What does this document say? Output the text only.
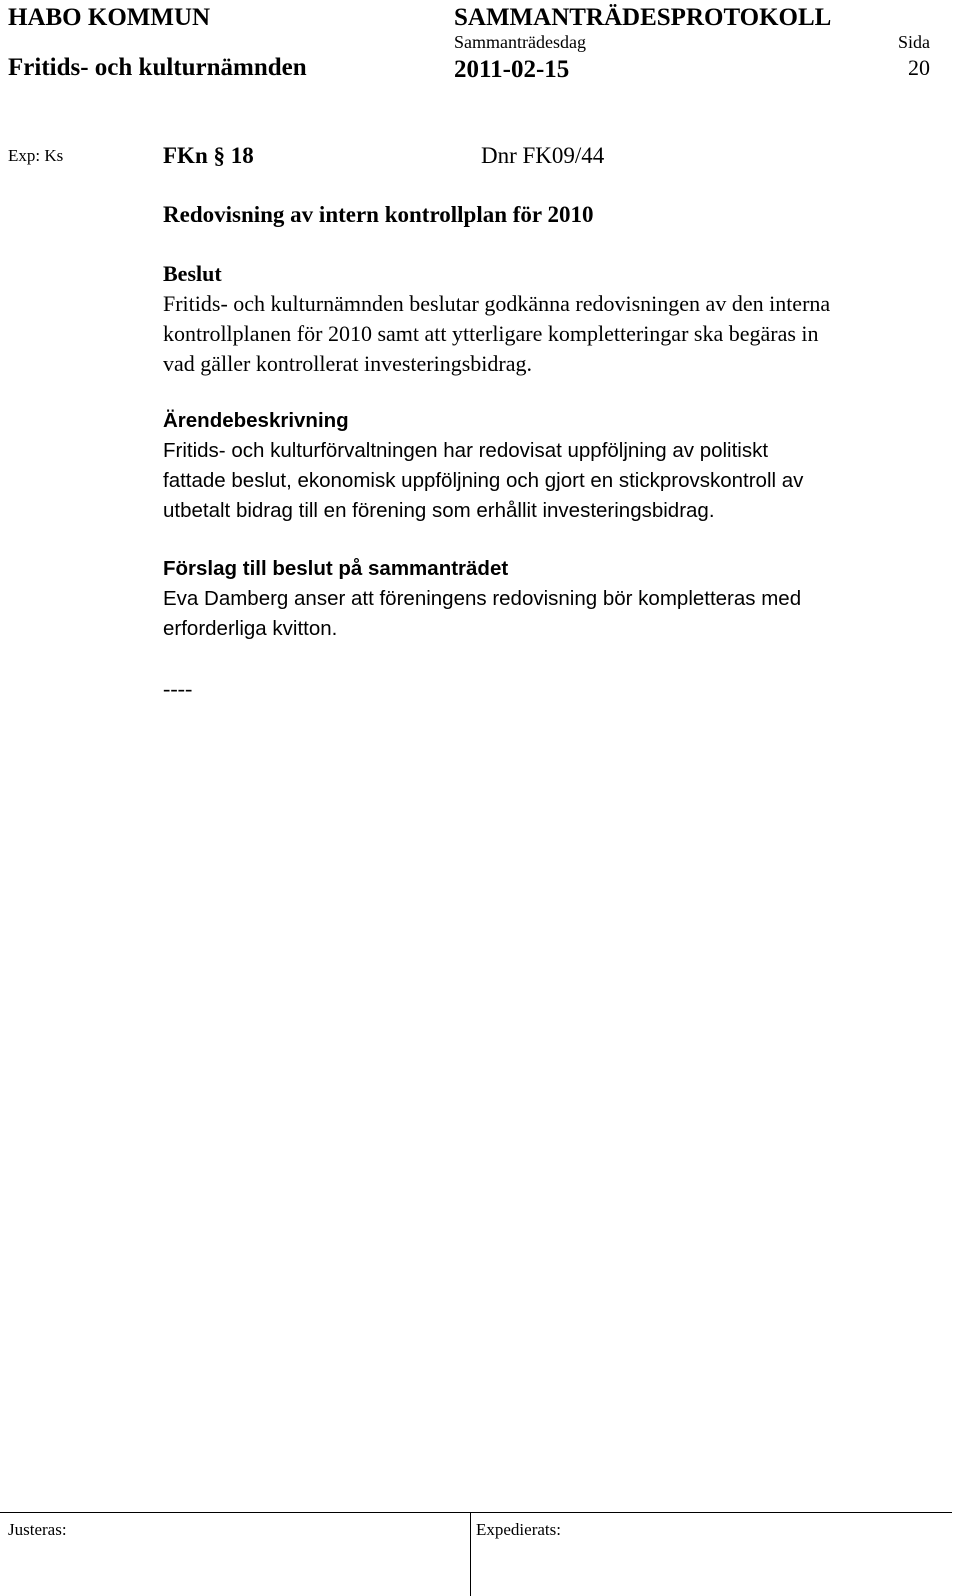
HABO KOMMUN
Fritids- och kulturnämnden
SAMMANTRÄDESPROTOKOLL
Sammanträdesdag
2011-02-15
Sida
20
Exp: Ks	FKn § 18	Dnr FK09/44
Redovisning av intern kontrollplan för 2010
Beslut
Fritids- och kulturnämnden beslutar godkänna redovisningen av den interna
kontrollplanen för 2010 samt att ytterligare kompletteringar ska begäras in
vad gäller kontrollerat investeringsbidrag.
Ärendebeskrivning
Fritids- och kulturförvaltningen har redovisat uppföljning av politiskt
fattade beslut, ekonomisk uppföljning och gjort en stickprovskontroll av
utbetalt bidrag till en förening som erhållit investeringsbidrag.
Förslag till beslut på sammanträdet
Eva Damberg anser att föreningens redovisning bör kompletteras med
erforderliga kvitton.
----
Justeras:	Expedierats:
